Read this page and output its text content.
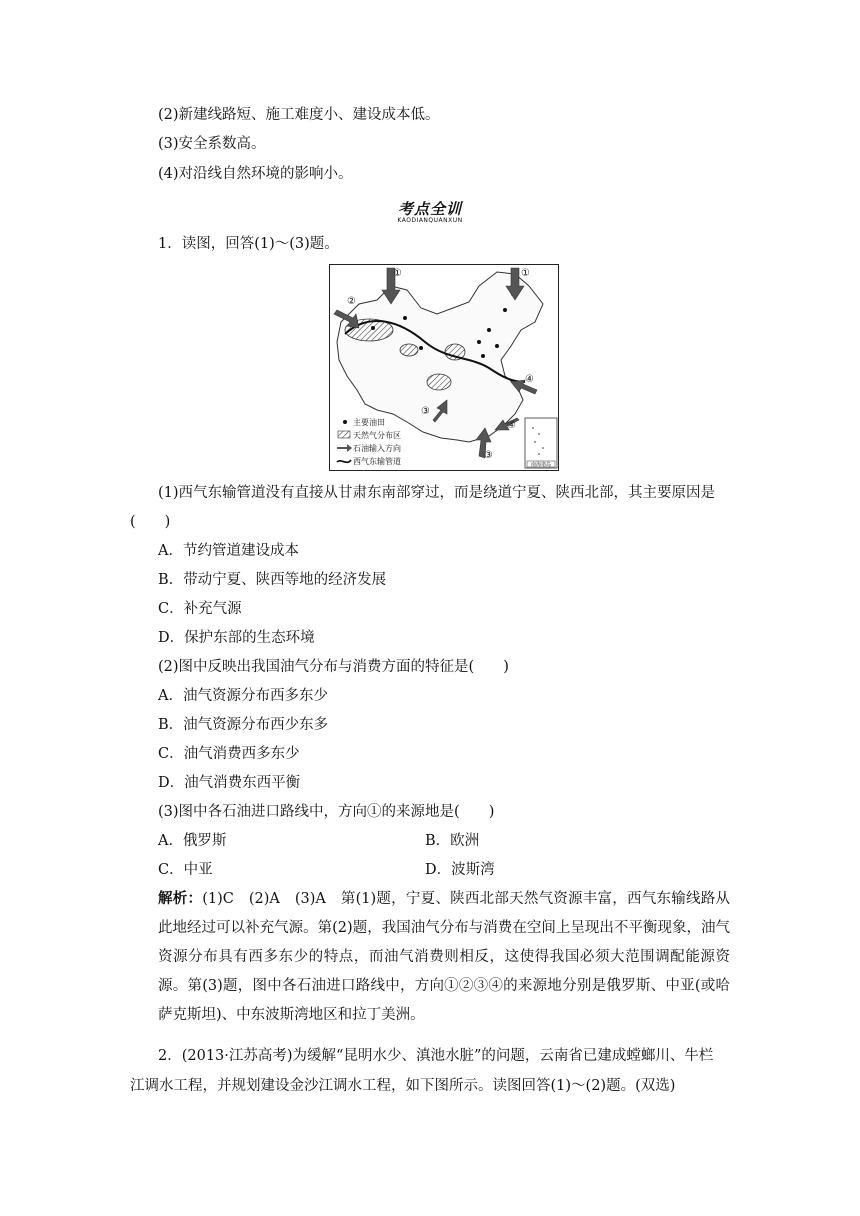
(2)新建线路短、施工难度小、建设成本低。
(3)安全系数高。
(4)对沿线自然环境的影响小。
考点全训
KAODIANQUANXUN
1．读图，回答(1)～(3)题。
①
②
①
④
③
④
③
主要油田
天然气分布区
石油输入方向
西气东输管道	南海诸岛
(1)西气东输管道没有直接从甘肃东南部穿过，而是绕道宁夏、陕西北部，其主要原因是
(　　)
A．节约管道建设成本
B．带动宁夏、陕西等地的经济发展
C．补充气源
D．保护东部的生态环境
(2)图中反映出我国油气分布与消费方面的特征是(　　)
A．油气资源分布西多东少
B．油气资源分布西少东多
C．油气消费西多东少
D．油气消费东西平衡
(3)图中各石油进口路线中，方向①的来源地是(　　)
A．俄罗斯	B．欧洲
C．中亚	D．波斯湾
解析：(1)C　(2)A　(3)A　第(1)题，宁夏、陕西北部天然气资源丰富，西气东输线路从此地经过可以补充气源。第(2)题，我国油气分布与消费在空间上呈现出不平衡现象，油气资源分布具有西多东少的特点，而油气消费则相反，这使得我国必须大范围调配能源资源。第(3)题，图中各石油进口路线中，方向①②③④的来源地分别是俄罗斯、中亚(或哈萨克斯坦)、中东波斯湾地区和拉丁美洲。
2．(2013·江苏高考)为缓解“昆明水少、滇池水脏”的问题，云南省已建成螳螂川、牛栏
江调水工程，并规划建设金沙江调水工程，如下图所示。读图回答(1)～(2)题。(双选)
